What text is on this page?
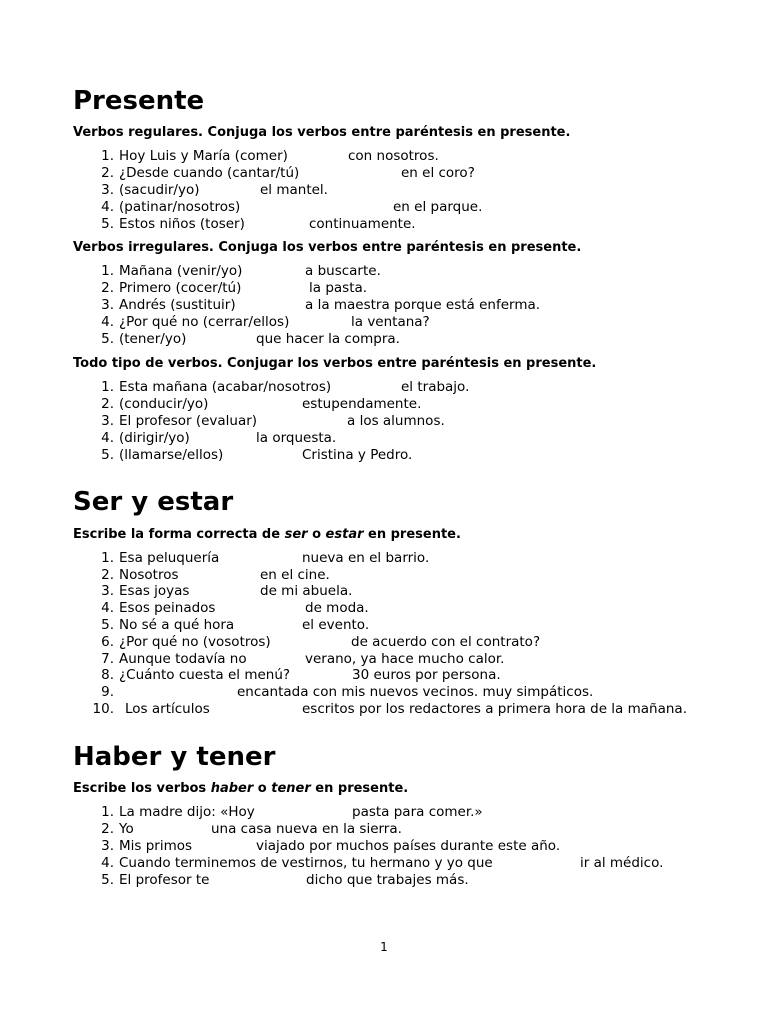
Presente
Verbos regulares. Conjuga los verbos entre paréntesis en presente.
1. Hoy Luis y María (comer)	con nosotros.
2. ¿Desde cuando (cantar/tú)	en el coro?
3. (sacudir/yo)	el mantel.
4. (patinar/nosotros)	en el parque.
5. Estos niños (toser)	continuamente.
Verbos irregulares. Conjuga los verbos entre paréntesis en presente.
1. Mañana (venir/yo)	a buscarte.
2. Primero (cocer/tú)	la pasta.
3. Andrés (sustituir)	a la maestra porque está enferma.
4. ¿Por qué no (cerrar/ellos)	la ventana?
5. (tener/yo)	que hacer la compra.
Todo tipo de verbos. Conjugar los verbos entre paréntesis en presente.
1. Esta mañana (acabar/nosotros)	el trabajo.
2. (conducir/yo)	estupendamente.
3. El profesor (evaluar)	a los alumnos.
4. (dirigir/yo)	la orquesta.
5. (llamarse/ellos)	Cristina y Pedro.
Ser y estar
Escribe la forma correcta de ser o estar en presente.
1. Esa peluquería	nueva en el barrio.
2. Nosotros	en el cine.
3. Esas joyas	de mi abuela.
4. Esos peinados	de moda.
5. No sé a qué hora	el evento.
6. ¿Por qué no (vosotros)	de acuerdo con el contrato?
7. Aunque todavía no	verano, ya hace mucho calor.
8. ¿Cuánto cuesta el menú?	30 euros por persona.
9.	encantada con mis nuevos vecinos. muy simpáticos.
10. Los artículos	escritos por los redactores a primera hora de la mañana.
Haber y tener
Escribe los verbos haber o tener en presente.
1. La madre dijo: «Hoy	pasta para comer.»
2. Yo	una casa nueva en la sierra.
3. Mis primos	viajado por muchos países durante este año.
4. Cuando terminemos de vestirnos, tu hermano y yo que	ir al médico.
5. El profesor te	dicho que trabajes más.
1
